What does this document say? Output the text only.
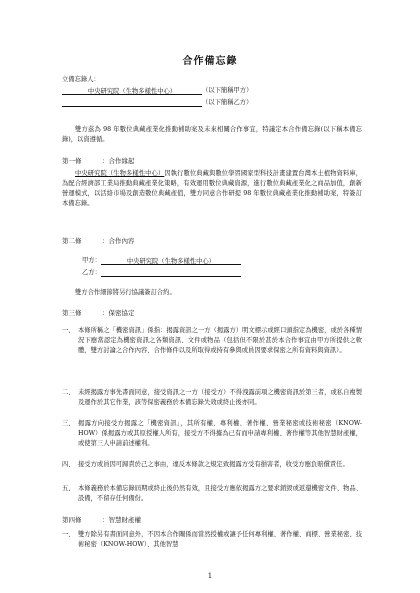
合作備忘錄
立備忘錄人：
中央研究院（生物多樣性中心）	（以下簡稱甲方）
（以下簡稱乙方）
雙方茲為 98 年數位典藏產業化推動補助案及未來相關合作事宜，特議定本合作備忘錄(以下稱本備忘錄)，以資遵循。
第一條	：合作緣起
中央研究院（生物多樣性中心）因執行數位典藏與數位學習國家型科技計畫建置台灣本土植物資料庫，為配合經濟部工業局推動典藏產業化策略，有效運用數位典藏資源，進行數位典藏產業化之商品加值，創新營運模式，以活絡市場及創造數位典藏產值，雙方同意合作研提 98 年數位典藏產業化推動補助案，特簽訂本備忘錄。
第二條	：合作內容
甲方：	中央研究院（生物多樣性中心）
乙方：
雙方合作細節將另行協議簽訂合約。
第三條	：保密協定
一、 本條所稱之「機密資訊」係指：揭露資訊之一方（揭露方）明文標示或經口頭指定為機密，或於各種情況下應當認定為機密資訊之各類資訊、文件或物品（包括但不限於甚於本合作事宜由甲方所提供之軟體，雙方討論之合作內容、合作條件以及所取得或持有參與或員因要求保密之所有資料與資訊）。
二、 未經揭露方事先書面同意，接受資訊之一方（接受方）不得洩露前項之機密資訊於第三者，或私自複製及運作於其它作業，該等保密義務於本備忘錄失效或終止後亦同。
三、 揭露方向接受方揭露之「機密資訊」，其所有權、專利權、著作權、營業秘密或技術秘密（KNOW-HOW）係揭露方或其原授權人所有，接受方不得據為已有而申請專利權、著作權等其他智慧財產權，或使第三人申請前述權利。
四、 接受方或員因可歸責於己之事由，違反本條款之規定致揭露方受有損害者，收受方應負賠償責任。
五、 本條義務於本備忘錄屆期或終止後仍然有效，且接受方應依揭露方之要求銷毀或返還機密文件、物品、設備，不留存任何備份。
第四條	：智慧財產權
一、 雙方除另有書面同意外，不因本合作關係而當然授權或讓予任何專利權、著作權、商標、營業秘密、技術秘密（KNOW-HOW）、其他智慧
1
